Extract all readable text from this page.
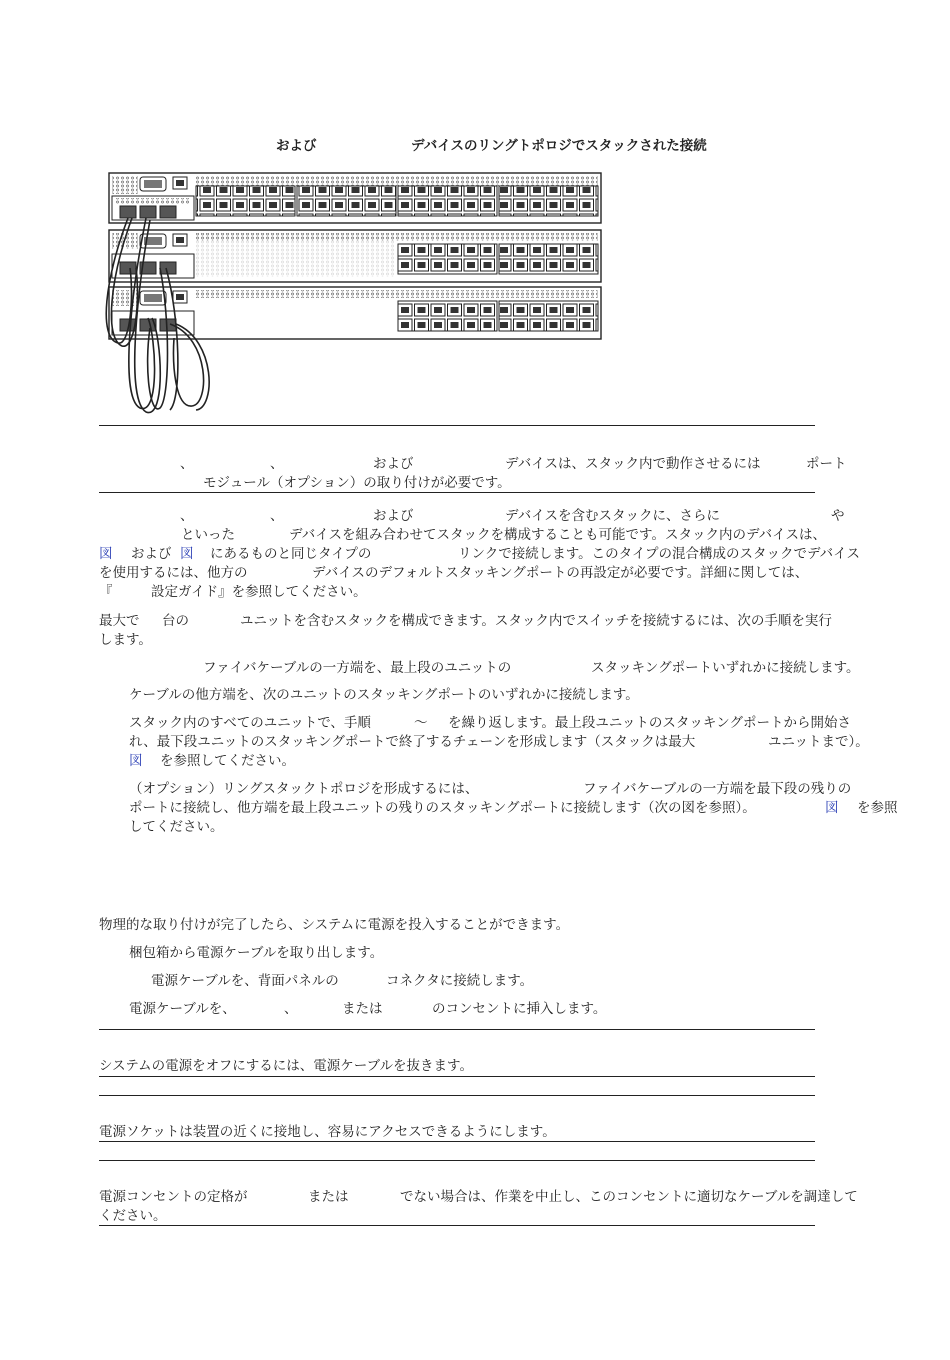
および	デバイスのリングトポロジでスタックされた接続
、	、	および	デバイスは、スタック内で動作させるには	ポート
モジュール（オプション）の取り付けが必要です。
、	、	および	デバイスを含むスタックに、さらに	や
といった	デバイスを組み合わせてスタックを構成することも可能です。スタック内のデバイスは、
図 および 図 にあるものと同じタイプの	リンクで接続します。このタイプの混合構成のスタックでデバイス
を使用するには、他方の	デバイスのデフォルトスタッキングポートの再設定が必要です。詳細に関しては、
『	設定ガイド』を参照してください。
最大で 台の	ユニットを含むスタックを構成できます。スタック内でスイッチを接続するには、次の手順を実行
します。
ファイバケーブルの一方端を、最上段のユニットの	スタッキングポートいずれかに接続します。
ケーブルの他方端を、次のユニットのスタッキングポートのいずれかに接続します。
スタック内のすべてのユニットで、手順	～ を繰り返します。最上段ユニットのスタッキングポートから開始さ
れ、最下段ユニットのスタッキングポートで終了するチェーンを形成します（スタックは最大	ユニットまで）。
図 を参照してください。
（オプション）リングスタックトポロジを形成するには、	ファイバケーブルの一方端を最下段の残りの
ポートに接続し、他方端を最上段ユニットの残りのスタッキングポートに接続します（次の図を参照）。	図 を参照
してください。
物理的な取り付けが完了したら、システムに電源を投入することができます。
梱包箱から電源ケーブルを取り出します。
電源ケーブルを、背面パネルの	コネクタに接続します。
電源ケーブルを、	、	または	のコンセントに挿入します。
システムの電源をオフにするには、電源ケーブルを抜きます。
電源ソケットは装置の近くに接地し、容易にアクセスできるようにします。
電源コンセントの定格が	または	でない場合は、作業を中止し、このコンセントに適切なケーブルを調達して
ください。
